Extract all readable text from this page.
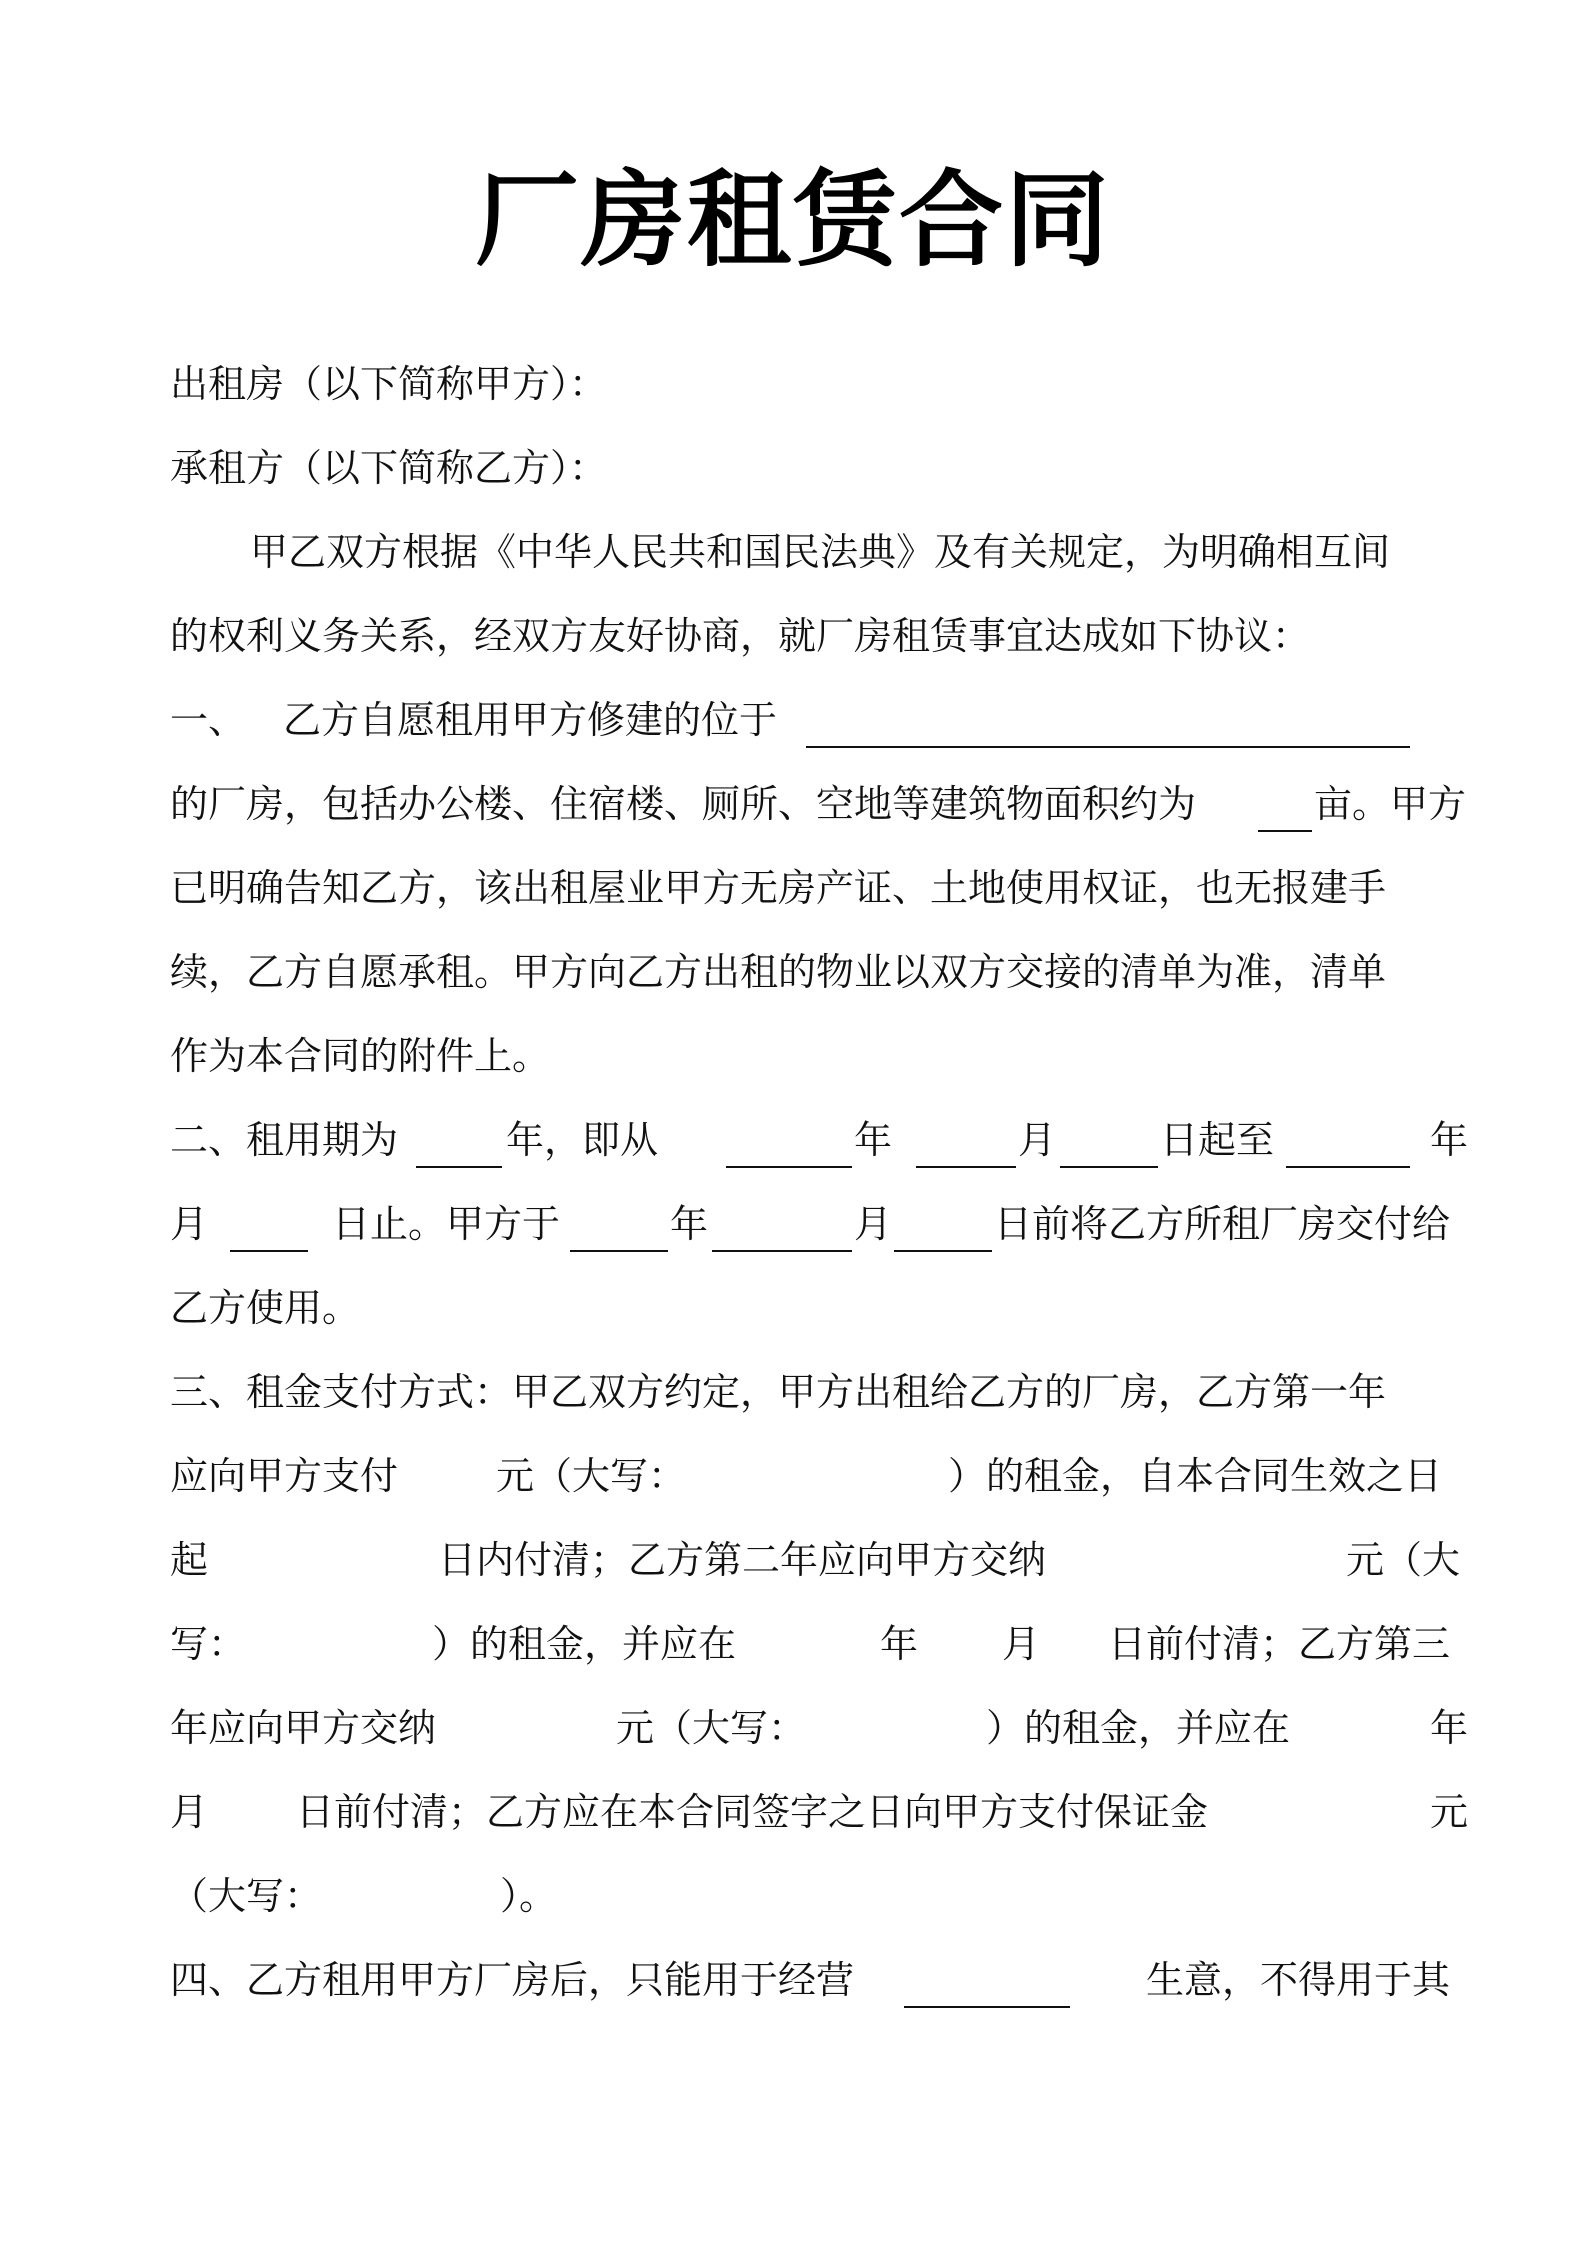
厂房租赁合同
出租房（以下简称甲方）：
承租方（以下简称乙方）：
甲乙双方根据《中华人民共和国民法典》及有关规定，为明确相互间
的权利义务关系，经双方友好协商，就厂房租赁事宜达成如下协议：
一、 乙方自愿租用甲方修建的位于
的厂房，包括办公楼、住宿楼、厕所、空地等建筑物面积约为	亩。甲方
已明确告知乙方，该出租屋业甲方无房产证、土地使用权证，也无报建手
续，乙方自愿承租。甲方向乙方出租的物业以双方交接的清单为准，清单
作为本合同的附件上。
二、租用期为	年，即从	年	月	日起至	年
月	日止。甲方于	年	月	日前将乙方所租厂房交付给
乙方使用。
三、租金支付方式：甲乙双方约定，甲方出租给乙方的厂房，乙方第一年
应向甲方支付	元（大写：	）的租金，自本合同生效之日
起	日内付清；乙方第二年应向甲方交纳	元（大
写：	）的租金，并应在	年 月 日前付清；乙方第三
年应向甲方交纳	元（大写：	）的租金，并应在	年
月 日前付清；乙方应在本合同签字之日向甲方支付保证金	元
（大写：	）。
四、乙方租用甲方厂房后，只能用于经营	生意，不得用于其
